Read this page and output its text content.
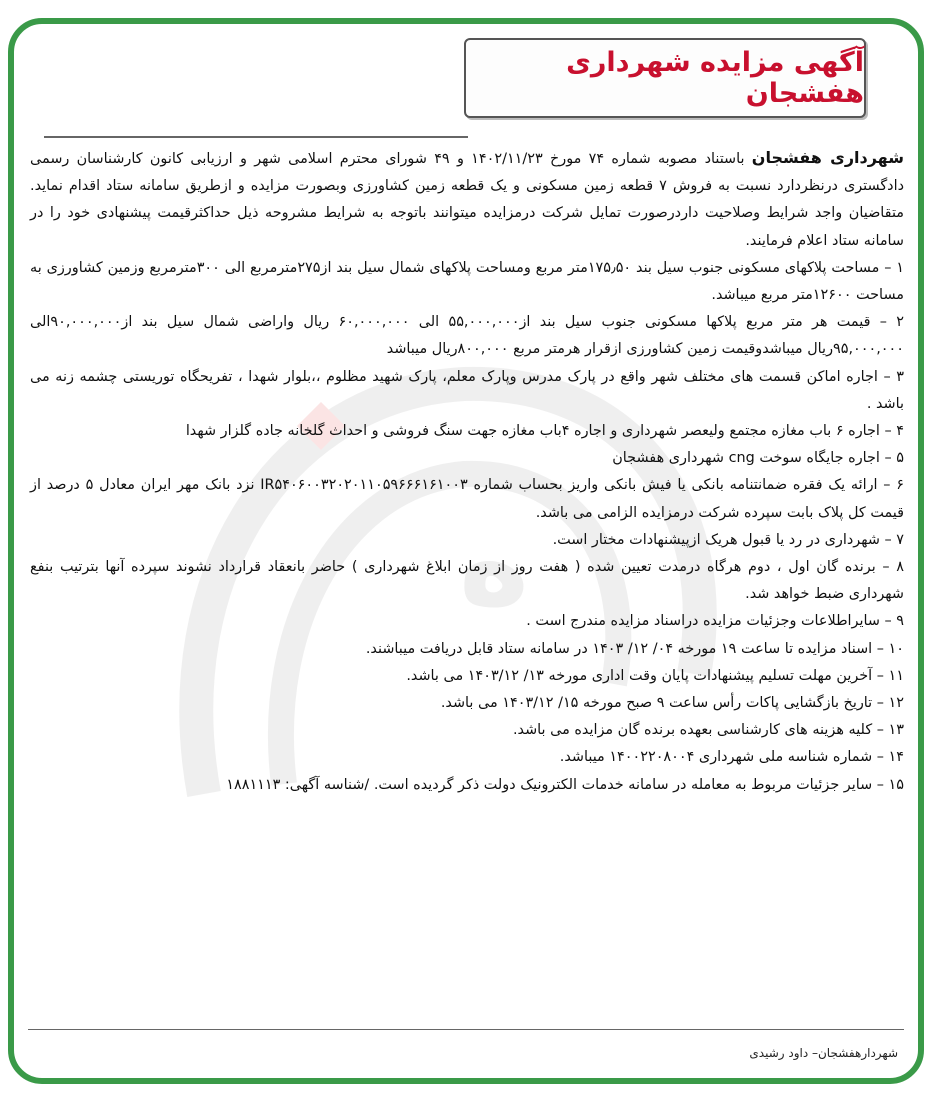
آگهی مزایده شهرداری هفشجان
ه

شهرداری هفشجان باستناد مصوبه شماره ۷۴ مورخ ۱۴۰۲/۱۱/۲۳ و ۴۹ شورای محترم اسلامی شهر و ارزیابی کانون کارشناسان رسمی دادگستری درنظردارد نسبت به فروش ۷ قطعه زمین مسکونی و یک قطعه زمین کشاورزی وبصورت مزایده و ازطریق سامانه ستاد اقدام نماید. متقاضیان واجد شرایط وصلاحیت داردرصورت تمایل شرکت درمزایده میتوانند باتوجه به شرایط مشروحه ذیل حداکثرقیمت پیشنهادی خود را در سامانه ستاد اعلام فرمایند.

۱ – مساحت پلاکهای مسکونی جنوب سیل بند ۱۷۵٫۵۰متر مربع ومساحت پلاکهای شمال سیل بند از۲۷۵مترمربع الی ۳۰۰مترمربع وزمین کشاورزی به مساحت ۱۲۶۰۰متر مربع میباشد.
۲ – قیمت هر متر مربع پلاکها مسکونی جنوب سیل بند از۵۵,۰۰۰,۰۰۰ الی ۶۰,۰۰۰,۰۰۰ ریال واراضی شمال سیل بند از۹۰,۰۰۰,۰۰۰الی ۹۵,۰۰۰,۰۰۰ریال میباشدوقیمت زمین کشاورزی ازقرار هرمتر مربع ۸۰۰,۰۰۰ریال میباشد
۳ – اجاره اماکن قسمت های مختلف شهر واقع در پارک مدرس وپارک معلم، پارک شهید مظلوم ،،بلوار شهدا ، تفریحگاه توریستی چشمه زنه می باشد .
۴ – اجاره ۶ باب مغازه مجتمع ولیعصر شهرداری و اجاره ۴باب مغازه جهت سنگ فروشی و احداث گلخانه جاده گلزار شهدا
۵ – اجاره جایگاه سوخت cng شهرداری هفشجان
۶ – ارائه یک فقره ضمانتنامه بانکی یا فیش بانکی واریز بحساب شماره IR۵۴۰۶۰۰۳۲۰۲۰۱۱۰۵۹۶۶۶۱۶۱۰۰۳ نزد بانک مهر ایران معادل ۵ درصد از قیمت کل پلاک بابت سپرده شرکت درمزایده الزامی می باشد.
۷ – شهرداری در رد یا قبول هریک ازپیشنهادات مختار است.
۸ – برنده گان اول ، دوم هرگاه درمدت تعیین شده ( هفت روز از زمان ابلاغ شهرداری ) حاضر بانعقاد قرارداد نشوند سپرده آنها بترتیب بنفع شهرداری ضبط خواهد شد.
۹ – سایراطلاعات وجزئیات مزایده دراسناد مزایده مندرج است .
۱۰ – اسناد مزایده تا ساعت ۱۹ مورخه ۰۴/ ۱۲/ ۱۴۰۳ در سامانه ستاد قابل دریافت میباشند.
۱۱ – آخرین مهلت تسلیم پیشنهادات پایان وقت اداری مورخه ۱۳/ ۱۴۰۳/۱۲ می باشد.
۱۲ – تاریخ بازگشایی پاکات رأس ساعت ۹ صبح مورخه ۱۵/ ۱۴۰۳/۱۲ می باشد.
۱۳ – کلیه هزینه های کارشناسی بعهده برنده گان مزایده می باشد.
۱۴ – شماره شناسه ملی شهرداری ۱۴۰۰۲۲۰۸۰۰۴ میباشد.
۱۵ – سایر جزئیات مربوط به معامله در سامانه خدمات الکترونیک دولت ذکر گردیده است. /شناسه آگهی: ۱۸۸۱۱۱۳
شهردارهفشجان– داود رشیدی
